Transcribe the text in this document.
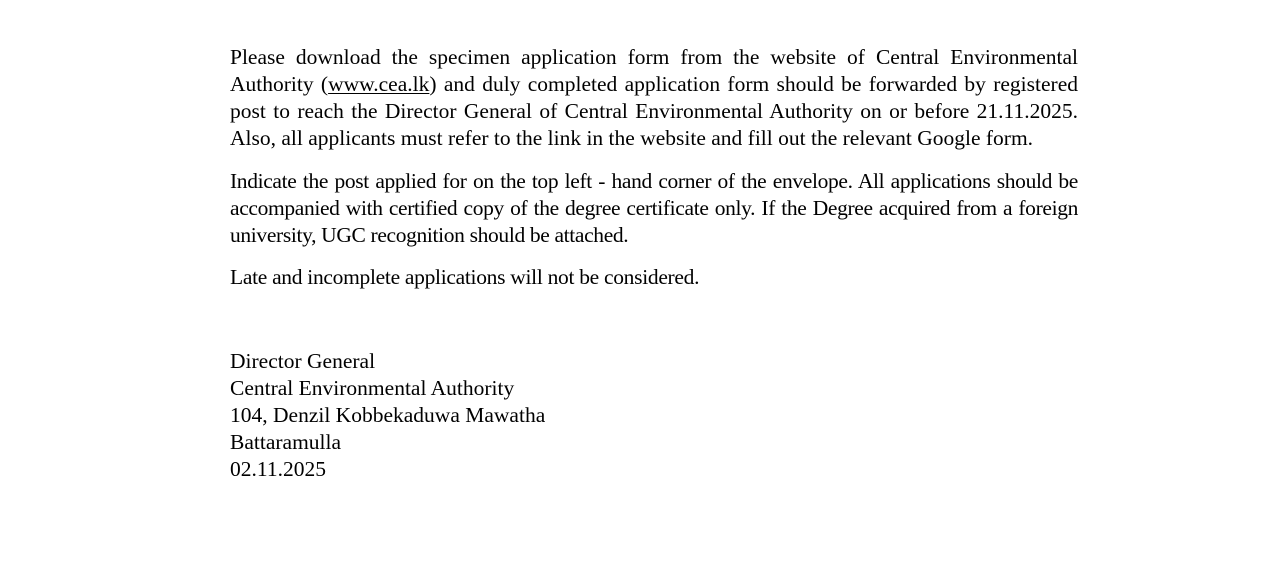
Please download the specimen application form from the website of Central Environmental Authority (www.cea.lk) and duly completed application form should be forwarded by registered post to reach the Director General of Central Environmental Authority on or before 21.11.2025. Also, all applicants must refer to the link in the website and fill out the relevant Google form.

Indicate the post applied for on the top left - hand corner of the envelope. All applications should be accompanied with certified copy of the degree certificate only. If the Degree acquired from a foreign university, UGC recognition should be attached.

Late and incomplete applications will not be considered.

Director General
Central Environmental Authority
104, Denzil Kobbekaduwa Mawatha
Battaramulla
02.11.2025
